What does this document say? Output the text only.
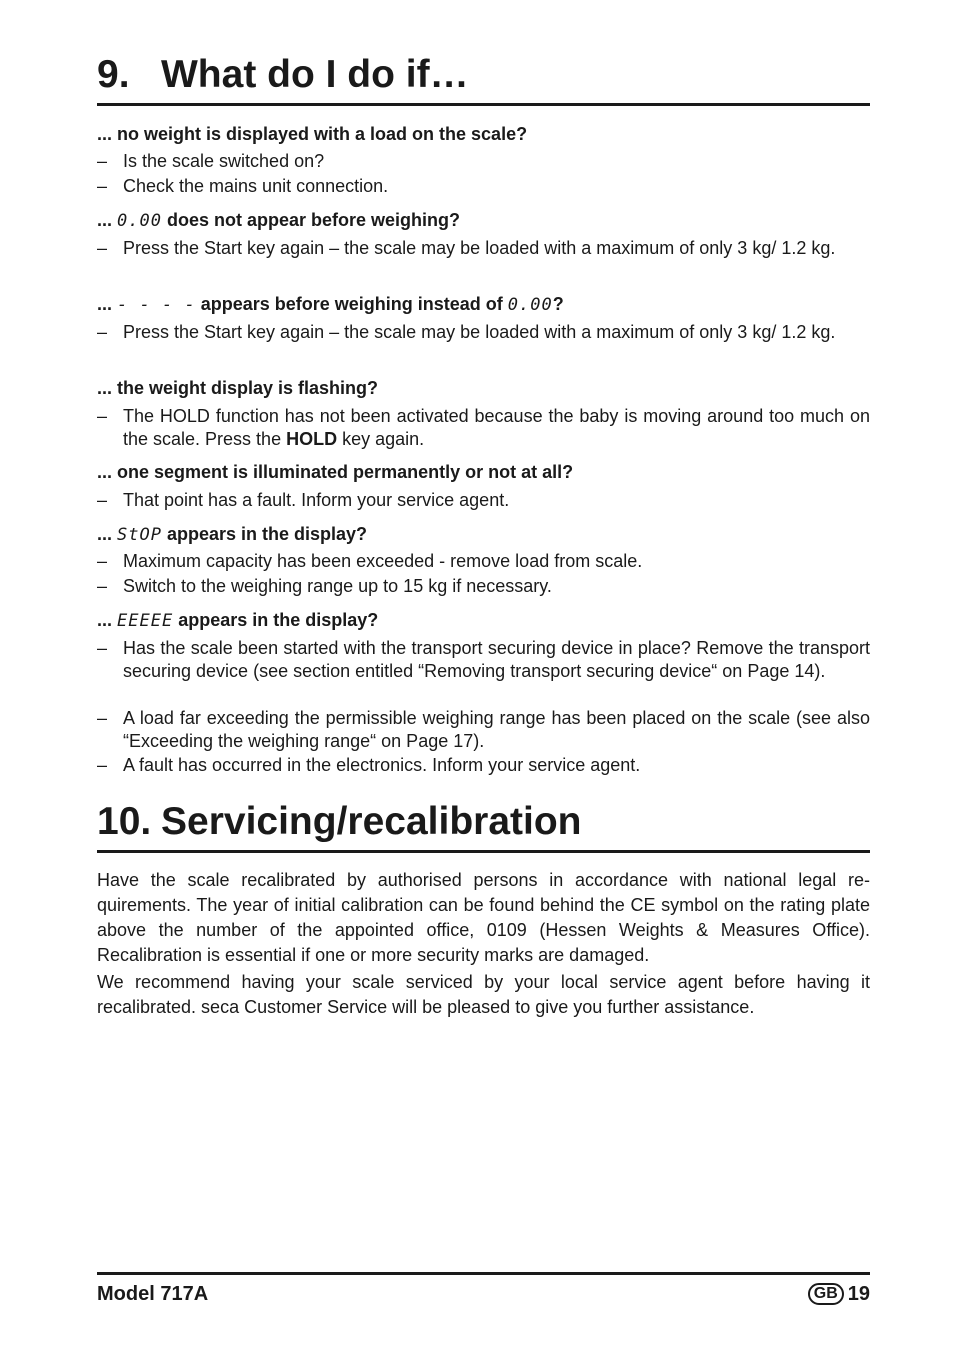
9. What do I do if…

... no weight is displayed with a load on the scale?

– Is the scale switched on?
– Check the mains unit connection.

... 0.00 does not appear before weighing?

– Press the Start key again – the scale may be loaded with a maximum of only 3 kg/ 1.2 kg.

... - - - - appears before weighing instead of 0.00?

– Press the Start key again – the scale may be loaded with a maximum of only 3 kg/ 1.2 kg.

... the weight display is flashing?

– The HOLD function has not been activated because the baby is moving around too much on the scale. Press the HOLD key again.

... one segment is illuminated permanently or not at all?

– That point has a fault. Inform your service agent.

... StOP appears in the display?

– Maximum capacity has been exceeded - remove load from scale.
– Switch to the weighing range up to 15 kg if necessary.

... EEEEE appears in the display?

– Has the scale been started with the transport securing device in place? Remove the transport securing device (see section entitled “Removing transport securing device“ on Page 14).
– A load far exceeding the permissible weighing range has been placed on the scale (see also “Exceeding the weighing range“ on Page 17).
– A fault has occurred in the electronics. Inform your service agent.
10. Servicing/recalibration

Have the scale recalibrated by authorised persons in accordance with national legal requirements. The year of initial calibration can be found behind the CE symbol on the rating plate above the number of the appointed office, 0109 (Hessen Weights & Measures Office). Recalibration is essential if one or more security marks are damaged.

We recommend having your scale serviced by your local service agent before having it recalibrated. seca Customer Service will be pleased to give you further assistance.

Model 717A	GB 19
